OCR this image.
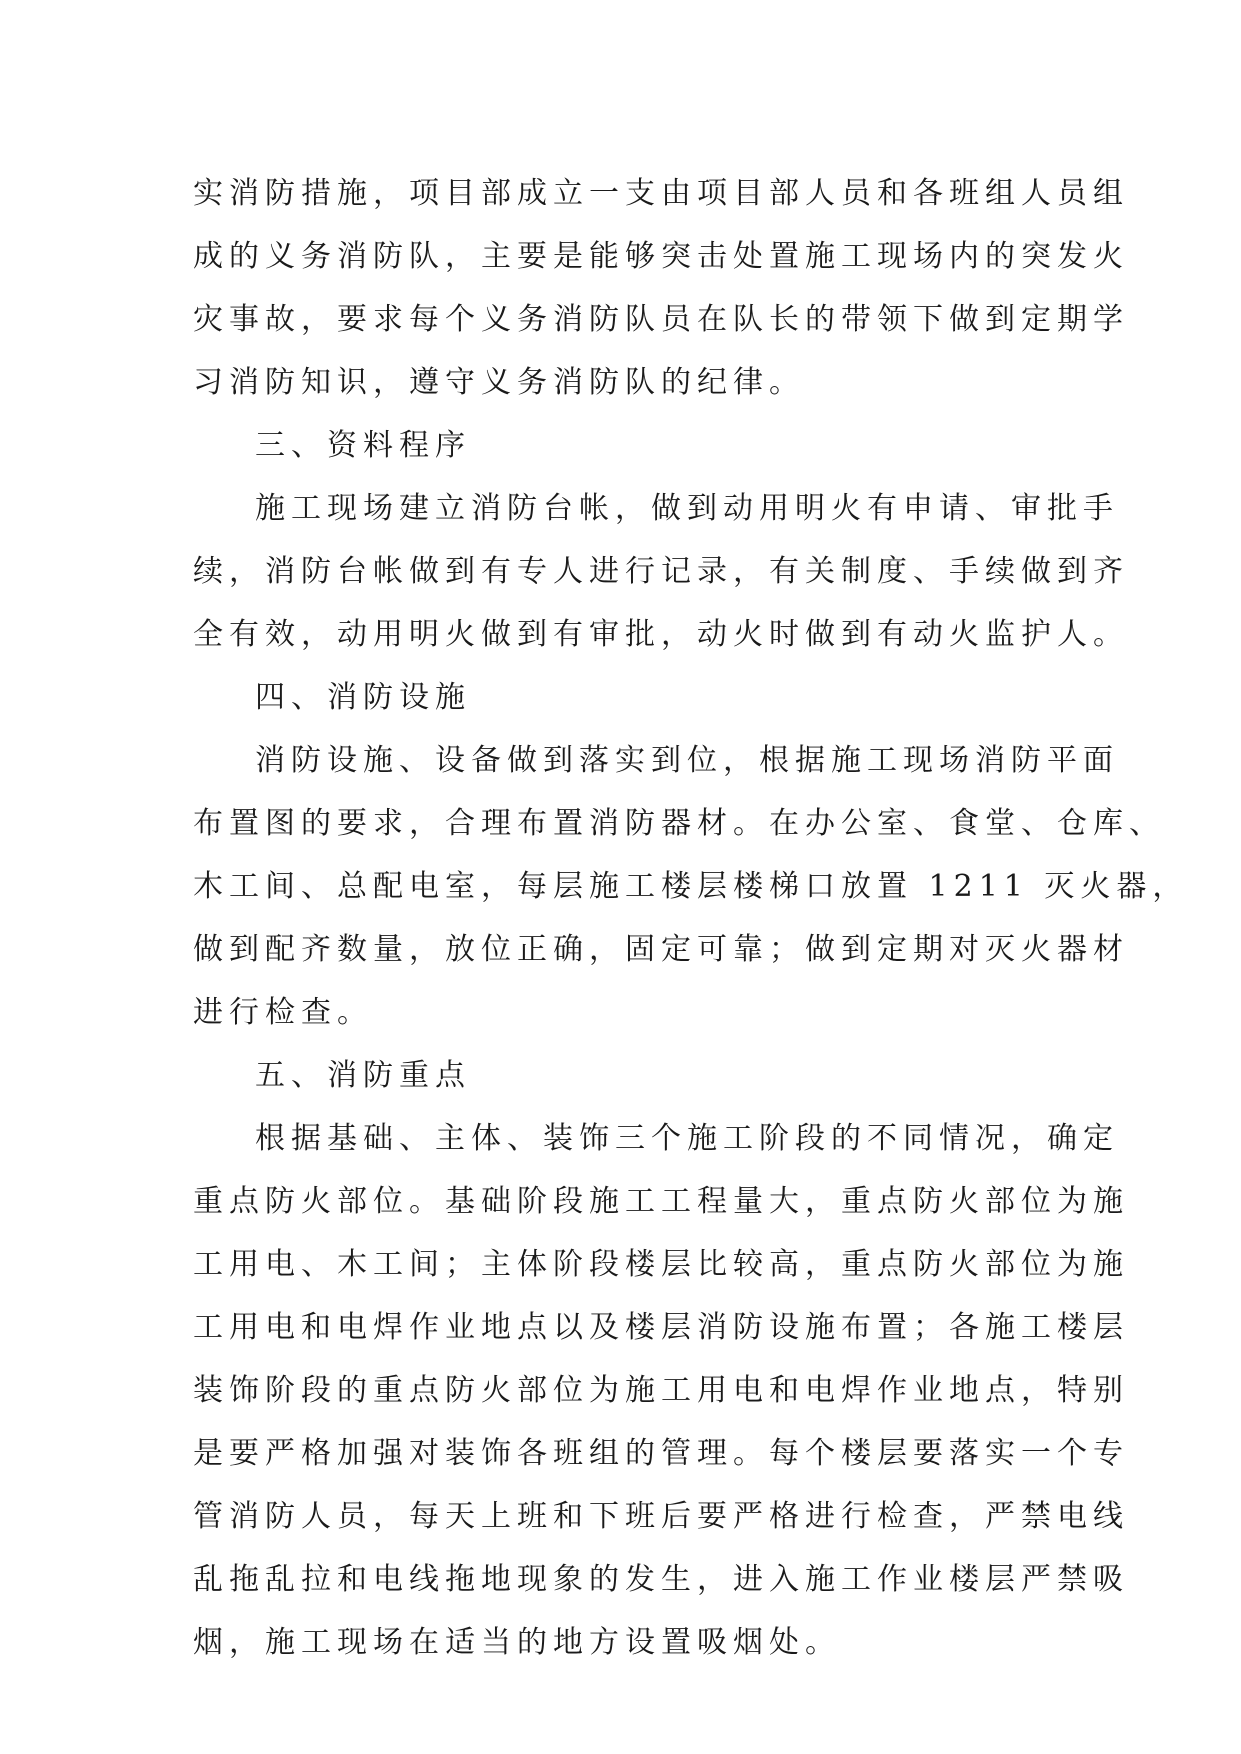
实消防措施，项目部成立一支由项目部人员和各班组人员组
成的义务消防队，主要是能够突击处置施工现场内的突发火
灾事故，要求每个义务消防队员在队长的带领下做到定期学
习消防知识，遵守义务消防队的纪律。
三、资料程序
施工现场建立消防台帐，做到动用明火有申请、审批手
续，消防台帐做到有专人进行记录，有关制度、手续做到齐
全有效，动用明火做到有审批，动火时做到有动火监护人。
四、消防设施
消防设施、设备做到落实到位，根据施工现场消防平面
布置图的要求，合理布置消防器材。在办公室、食堂、仓库、
木工间、总配电室，每层施工楼层楼梯口放置 1211 灭火器，
做到配齐数量，放位正确，固定可靠；做到定期对灭火器材
进行检查。
五、消防重点
根据基础、主体、装饰三个施工阶段的不同情况，确定
重点防火部位。基础阶段施工工程量大，重点防火部位为施
工用电、木工间；主体阶段楼层比较高，重点防火部位为施
工用电和电焊作业地点以及楼层消防设施布置；各施工楼层
装饰阶段的重点防火部位为施工用电和电焊作业地点，特别
是要严格加强对装饰各班组的管理。每个楼层要落实一个专
管消防人员，每天上班和下班后要严格进行检查，严禁电线
乱拖乱拉和电线拖地现象的发生，进入施工作业楼层严禁吸
烟，施工现场在适当的地方设置吸烟处。
